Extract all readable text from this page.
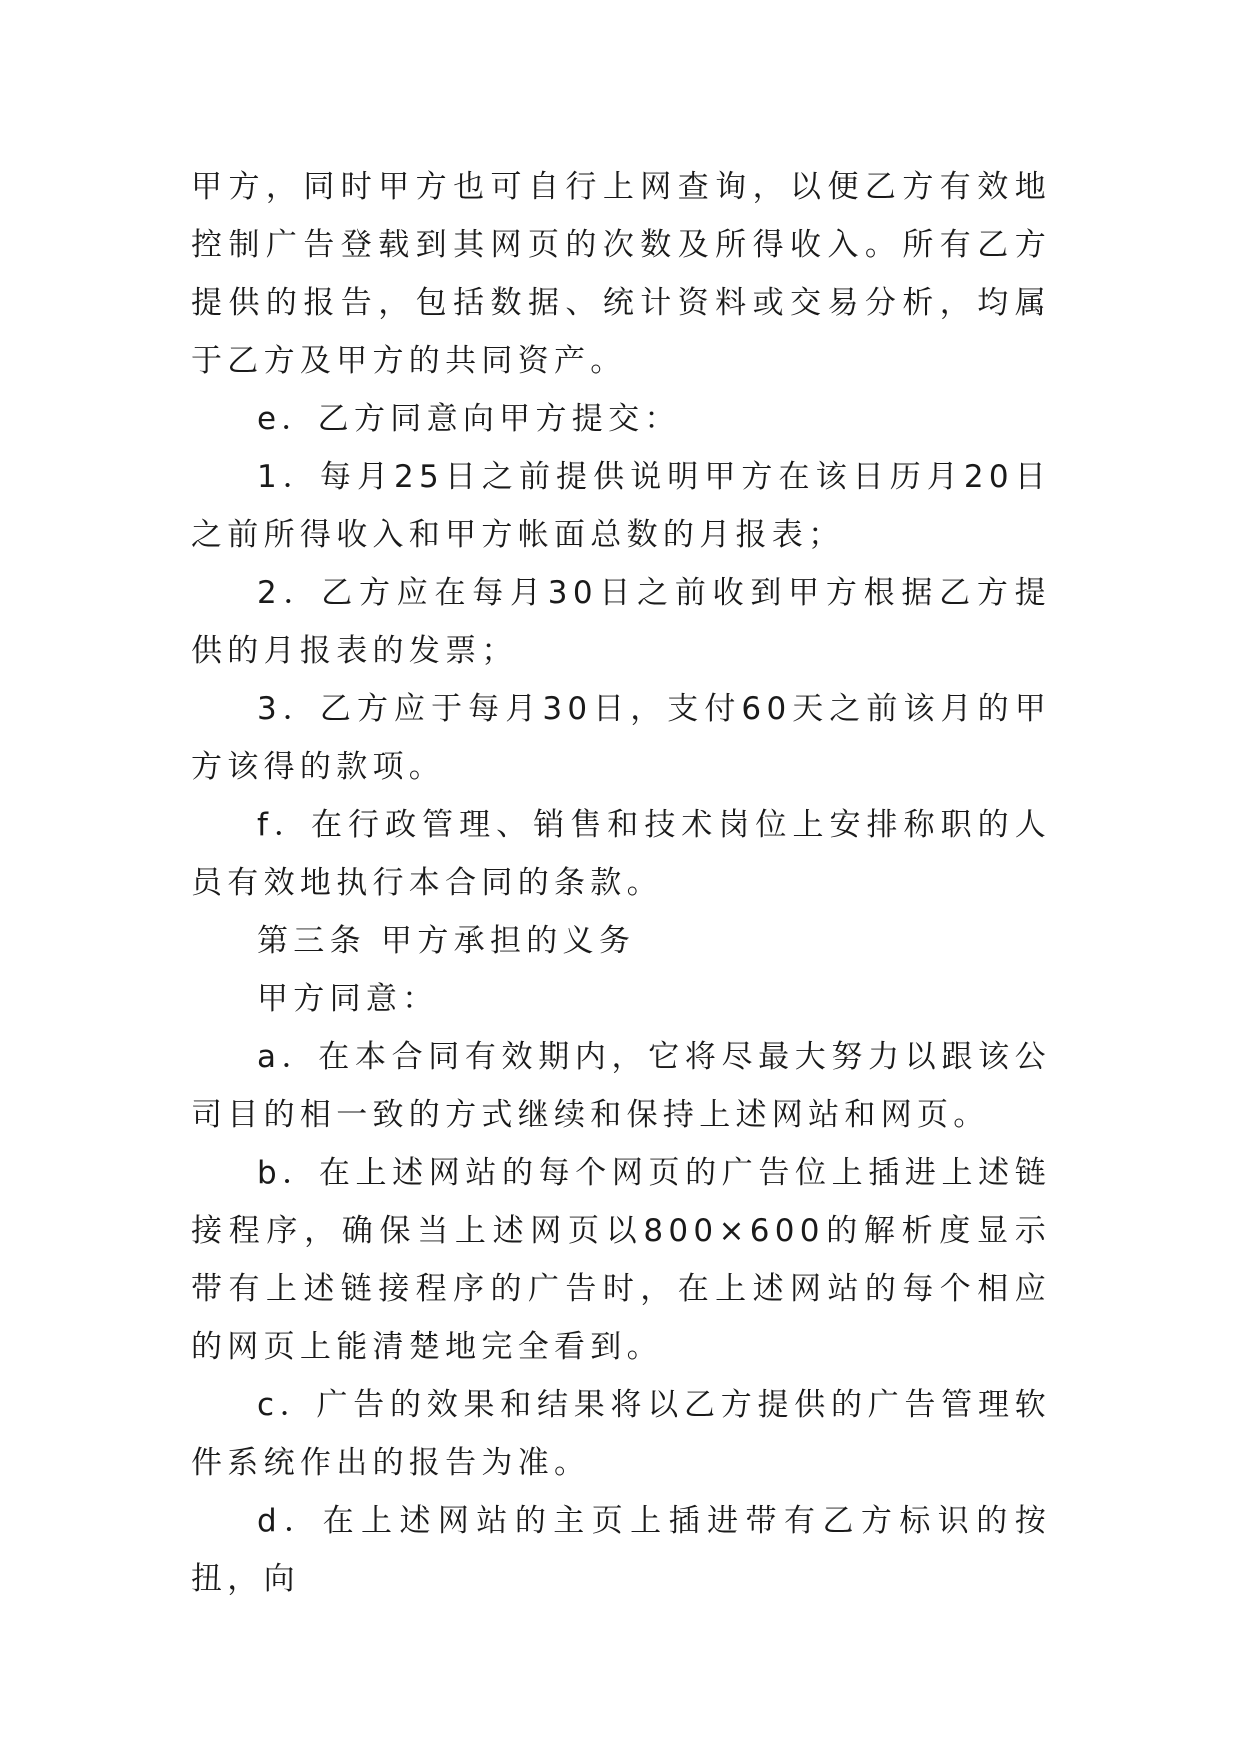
甲方，同时甲方也可自行上网查询，以便乙方有效地控制广告登载到其网页的次数及所得收入。所有乙方提供的报告，包括数据、统计资料或交易分析，均属于乙方及甲方的共同资产。

e．乙方同意向甲方提交：

1．每月25日之前提供说明甲方在该日历月20日之前所得收入和甲方帐面总数的月报表；

2．乙方应在每月30日之前收到甲方根据乙方提供的月报表的发票；

3．乙方应于每月30日，支付60天之前该月的甲方该得的款项。

f．在行政管理、销售和技术岗位上安排称职的人员有效地执行本合同的条款。

第三条 甲方承担的义务

甲方同意：

a．在本合同有效期内，它将尽最大努力以跟该公司目的相一致的方式继续和保持上述网站和网页。

b．在上述网站的每个网页的广告位上插进上述链接程序，确保当上述网页以800×600的解析度显示带有上述链接程序的广告时，在上述网站的每个相应的网页上能清楚地完全看到。

c．广告的效果和结果将以乙方提供的广告管理软件系统作出的报告为准。

d．在上述网站的主页上插进带有乙方标识的按扭，向
